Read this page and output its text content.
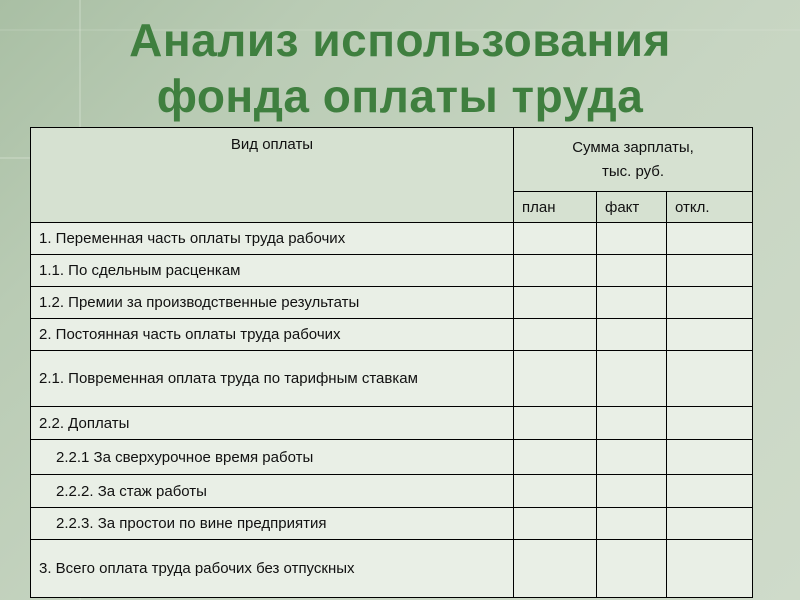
Анализ использования
фонда оплаты труда
Вид оплаты	Сумма зарплаты,
тыс. руб.		

	план	факт	откл.
1. Переменная часть оплаты труда рабочих			
1.1. По сдельным расценкам			
1.2. Премии за производственные результаты			
2. Постоянная часть оплаты труда рабочих			
2.1. Повременная оплата труда по тарифным ставкам			
2.2. Доплаты			
2.2.1 За сверхурочное время работы			
2.2.2. За стаж работы			
2.2.3. За простои по вине предприятия			
3. Всего оплата труда рабочих без отпускных			
